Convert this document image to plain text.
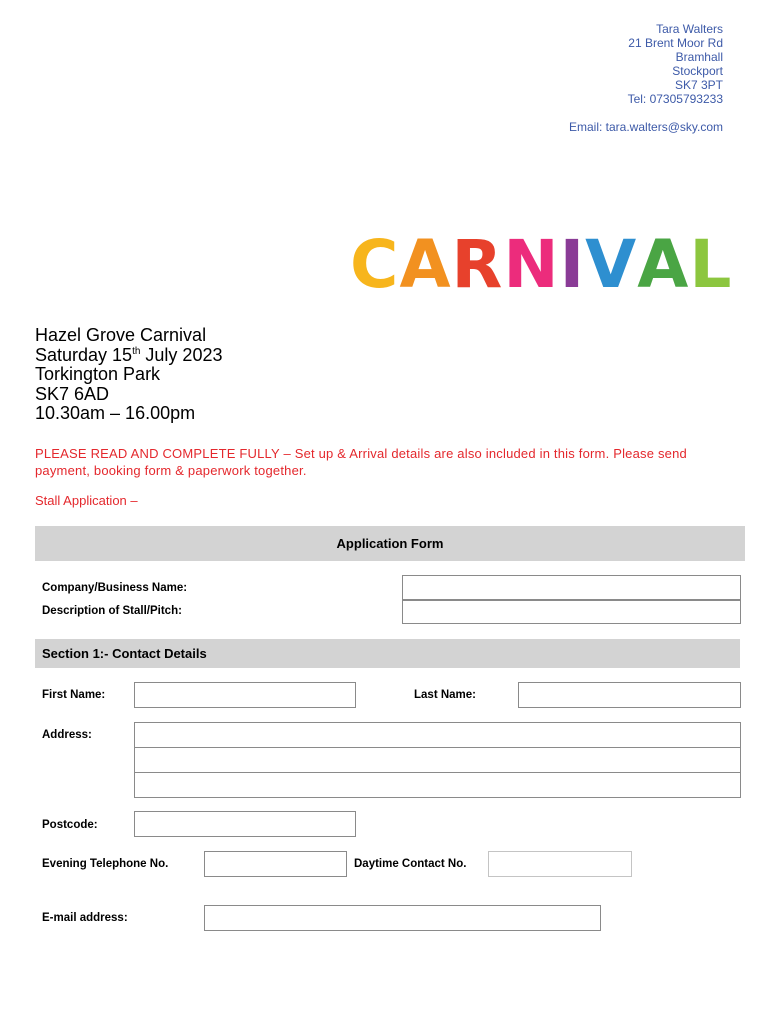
Tara Walters
21 Brent Moor Rd
Bramhall
Stockport
SK7 3PT
Tel: 07305793233
Email: tara.walters@sky.com
CARNIVAL
Hazel Grove Carnival
Saturday 15th July 2023
Torkington Park
SK7 6AD
10.30am – 16.00pm
PLEASE READ AND COMPLETE FULLY – Set up & Arrival details are also included in this form. Please send payment, booking form & paperwork together.
Stall Application –
Application Form
Company/Business Name:
Description of Stall/Pitch:
Section 1:- Contact Details
First Name:	Last Name:
Address:
Postcode:
Evening Telephone No.	Daytime Contact No.
E-mail address:
